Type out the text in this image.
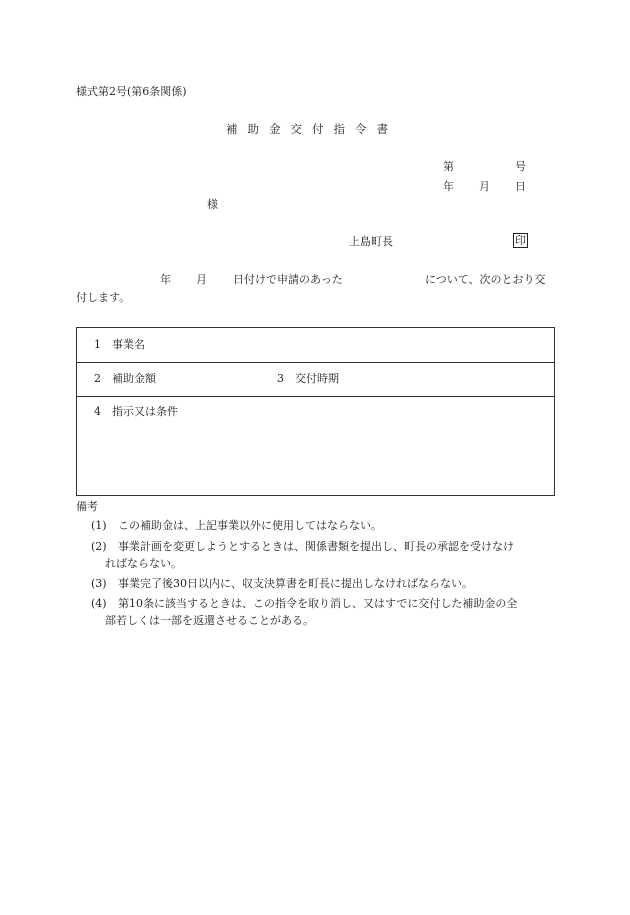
様式第2号(第6条関係)
補助金交付指令書
第	号
年 月 日
様
上島町長	印
年 月 日付けで申請のあった	について、次のとおり交
付します。
1　事業名
2　補助金額	3　交付時期
4　指示又は条件
備考
(1) この補助金は、上記事業以外に使用してはならない。
(2) 事業計画を変更しようとするときは、関係書類を提出し、町長の承認を受けなけ
ればならない。
(3) 事業完了後30日以内に、収支決算書を町長に提出しなければならない。
(4) 第10条に該当するときは、この指令を取り消し、又はすでに交付した補助金の全
部若しくは一部を返還させることがある。
